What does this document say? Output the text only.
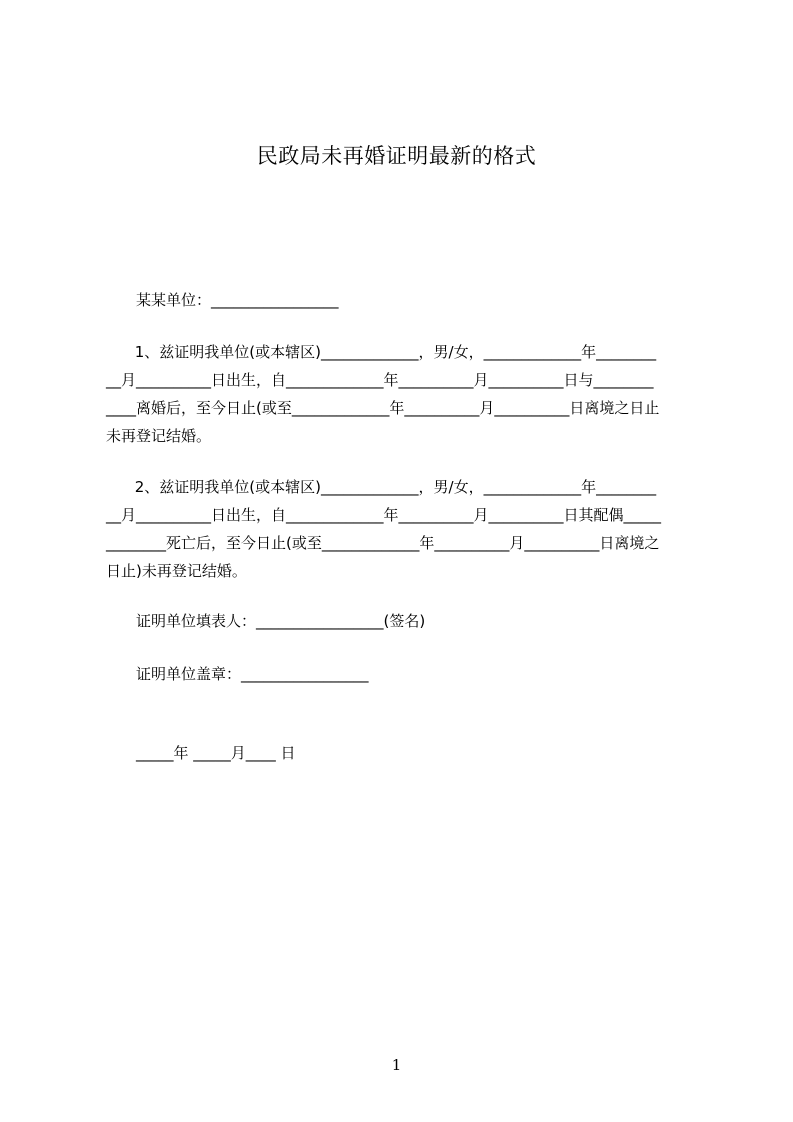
民政局未再婚证明最新的格式
某某单位：_________________
1、兹证明我单位(或本辖区)_____________，男/女，_____________年________
__月__________日出生，自_____________年__________月__________日与________
____离婚后，至今日止(或至_____________年__________月__________日离境之日止
未再登记结婚。
2、兹证明我单位(或本辖区)_____________，男/女，_____________年________
__月__________日出生，自_____________年__________月__________日其配偶_____
________死亡后，至今日止(或至_____________年__________月__________日离境之
日止)未再登记结婚。
证明单位填表人：_________________(签名)
证明单位盖章：_________________
_____年 _____月____ 日
1
